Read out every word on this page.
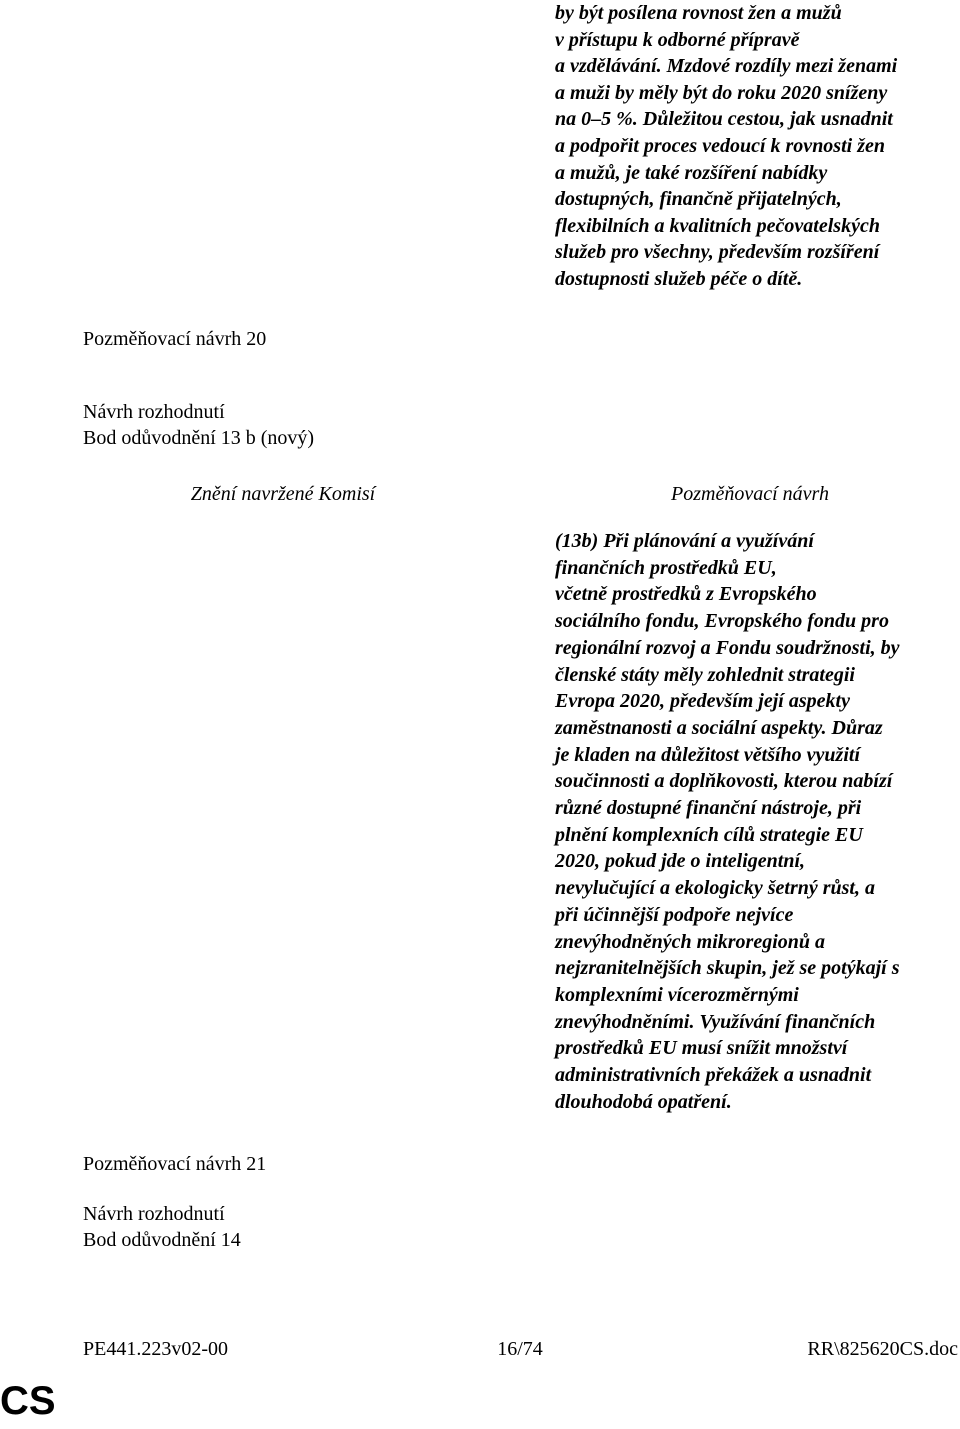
by být posílena rovnost žen a mužů
v přístupu k odborné přípravě
a vzdělávání. Mzdové rozdíly mezi ženami
a muži by měly být do roku 2020 sníženy
na 0–5 %. Důležitou cestou, jak usnadnit
a podpořit proces vedoucí k rovnosti žen
a mužů, je také rozšíření nabídky
dostupných, finančně přijatelných,
flexibilních a kvalitních pečovatelských
služeb pro všechny, především rozšíření
dostupnosti služeb péče o dítě.

Pozměňovací návrh 20

Návrh rozhodnutí

Bod odůvodnění 13 b (nový)

Znění navržené Komisí	Pozměňovací návrh

(13b) Při plánování a využívání
finančních prostředků EU,
včetně prostředků z Evropského
sociálního fondu, Evropského fondu pro
regionální rozvoj a Fondu soudržnosti, by
členské státy měly zohlednit strategii
Evropa 2020, především její aspekty
zaměstnanosti a sociální aspekty. Důraz
je kladen na důležitost většího využití
součinnosti a doplňkovosti, kterou nabízí
různé dostupné finanční nástroje, při
plnění komplexních cílů strategie EU
2020, pokud jde o inteligentní,
nevylučující a ekologicky šetrný růst, a
při účinnější podpoře nejvíce
znevýhodněných mikroregionů a
nejzranitelnějších skupin, jež se potýkají s
komplexními vícerozměrnými
znevýhodněními. Využívání finančních
prostředků EU musí snížit množství
administrativních překážek a usnadnit
dlouhodobá opatření.

Pozměňovací návrh 21

Návrh rozhodnutí

Bod odůvodnění 14

PE441.223v02-00	16/74	RR\825620CS.doc

CS
